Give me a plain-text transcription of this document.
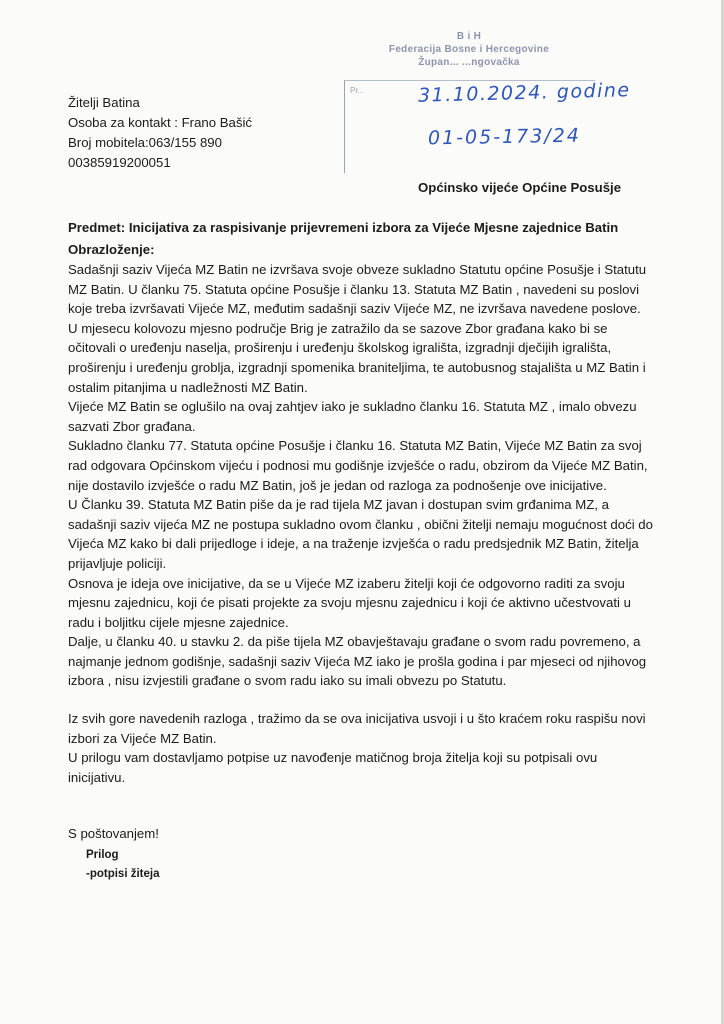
Žitelji Batina
Osoba za kontakt : Frano Bašić
Broj mobitela:063/155 890
00385919200051
B i H
Federacija Bosne i Hercegovine
Župan... ...ngovačka
Pr...	31.10.2024. godine
01-05-173/24
Općinsko vijeće Općine Posušje
Predmet: Inicijativa za raspisivanje prijevremeni izbora za Vijeće Mjesne zajednice Batin
Obrazloženje:

Sadašnji saziv Vijeća MZ Batin ne izvršava svoje obveze sukladno Statutu općine Posušje i Statutu MZ Batin. U članku 75. Statuta općine Posušje i članku 13. Statuta MZ Batin , navedeni su poslovi koje treba izvršavati Vijeće MZ, međutim sadašnji saziv Vijeće MZ, ne izvršava navedene poslove.

U mjesecu kolovozu mjesno područje Brig je zatražilo da se sazove Zbor građana kako bi se očitovali o uređenju naselja, proširenju i uređenju školskog igrališta, izgradnji dječijih igrališta, proširenju i uređenju groblja, izgradnji spomenika braniteljima, te autobusnog stajališta u MZ Batin i ostalim pitanjima u nadležnosti MZ Batin.

Vijeće MZ Batin se oglušilo na ovaj zahtjev iako je sukladno članku 16. Statuta MZ , imalo obvezu sazvati Zbor građana.

Sukladno članku 77. Statuta općine Posušje i članku 16. Statuta MZ Batin, Vijeće MZ Batin za svoj rad odgovara Općinskom vijeću i podnosi mu godišnje izvješće o radu, obzirom da Vijeće MZ Batin, nije dostavilo izvješće o radu MZ Batin, još je jedan od razloga za podnošenje ove inicijative.

U Članku 39. Statuta MZ Batin piše da je rad tijela MZ javan i dostupan svim grđanima MZ, a sadašnji saziv vijeća MZ ne postupa sukladno ovom članku , obični žitelji nemaju mogućnost doći do Vijeća MZ kako bi dali prijedloge i ideje, a na traženje izvješća o radu predsjednik MZ Batin, žitelja prijavljuje policiji.

Osnova je ideja ove inicijative, da se u Vijeće MZ izaberu žitelji koji će odgovorno raditi za svoju mjesnu zajednicu, koji će pisati projekte za svoju mjesnu zajednicu i koji će aktivno učestvovati u radu i boljitku cijele mjesne zajednice.

Dalje, u članku 40. u stavku 2. da piše tijela MZ obavještavaju građane o svom radu povremeno, a najmanje jednom godišnje, sadašnji saziv Vijeća MZ iako je prošla godina i par mjeseci od njihovog izbora , nisu izvjestili građane o svom radu iako su imali obvezu po Statutu.

Iz svih gore navedenih razloga , tražimo da se ova inicijativa usvoji i u što kraćem roku raspišu novi izbori za Vijeće MZ Batin.

U prilogu vam dostavljamo potpise uz navođenje matičnog broja žitelja koji su potpisali ovu inicijativu.

S poštovanjem!
Prilog
-potpisi žiteja
